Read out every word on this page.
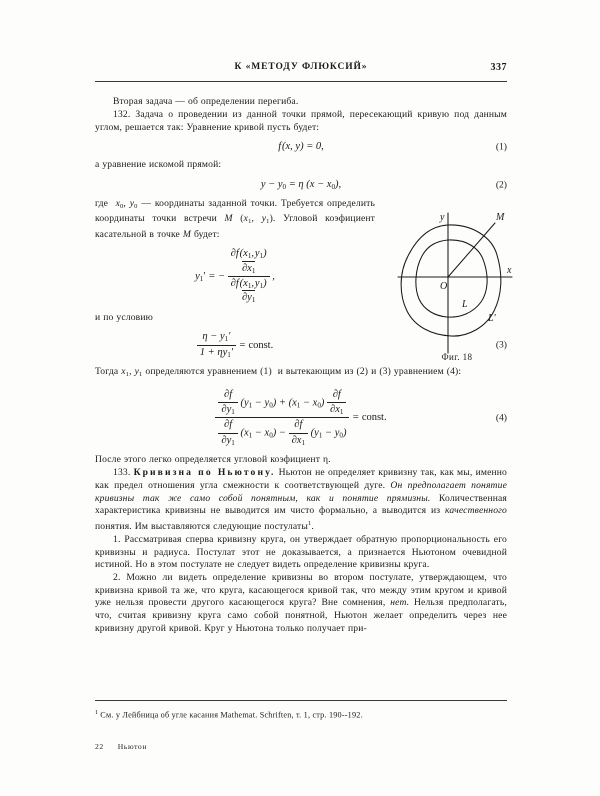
К «МЕТОДУ ФЛЮКСИЙ»	337
x
y
O
M
L
L'
Фиг. 18

Вторая задача — об определении перегиба.

132. Задача о проведении из данной точки прямой, пересекающий кривую под данным углом, решается так: Уравнение кривой пусть будет:

f (x, y) = 0,	(1)

а уравнение искомой прямой:

$y - y_0 = \eta$ $(x - x_0)$,	(2)

где  $x_0$, $y_0$ — координаты заданной точки. Требуется определить координаты точки встречи M ($x_1$, $y_1$). Угловой коэфициент касательной в точке M будет:

$y_1'$ = −
∂f ($x_1$, $y_1$)
$\partial x_1$
∂f ($x_1$, $y_1$)
$\partial y_1$
,

и по условию

$\frac{\eta - y_1'}{1 + \eta y_1'}$ = const.	(3)

Тогда $x_1$, $y_1$ определяются уравнением (1)  и вытекающим из (2) и (3) уравнением (4):

$\frac{\frac{\partial f}{\partial y_1} (y_1 - y_0) + (x_1 - x_0) \frac{\partial f}{\partial x_1}}{\frac{\partial f}{\partial y_1} (x_1 - x_0) - \frac{\partial f}{\partial x_1} (y_1 - y_0)}$ = const.	(4)

После этого легко определяется угловой коэфициент η.

133. Кривизна по Ньютону. Ньютон не определяет кривизну так, как мы, именно как предел отношения угла смежности к соответствующей дуге. Он предполагает понятие кривизны так же само собой понятным, как и понятие прямизны. Количественная характеристика кривизны не выводится им чисто формально, а выводится из качественного понятия. Им выставляются следующие постулаты$^1$.

1. Рассматривая сперва кривизну круга, он утверждает обратную пропорциональность его кривизны и радиуса. Постулат этот не доказывается, а признается Ньютоном очевидной истиной. Но в этом постулате не следует видеть определение кривизны круга.

2. Можно ли видеть определение кривизны во втором постулате, утверждающем, что кривизна кривой та же, что круга, касающегося кривой так, что между этим кругом и кривой уже нельзя провести другого касающегося круга? Вне сомнения, нет. Нельзя предполагать, что, считая кривизну круга само собой понятной, Ньютон желает определить через нее кривизну другой кривой. Круг у Ньютона только получает при-

$^1$ См. у Лейбница об угле касания Mathemat. Schriften, т. 1, стр. 190--192.
22 Ньютон
